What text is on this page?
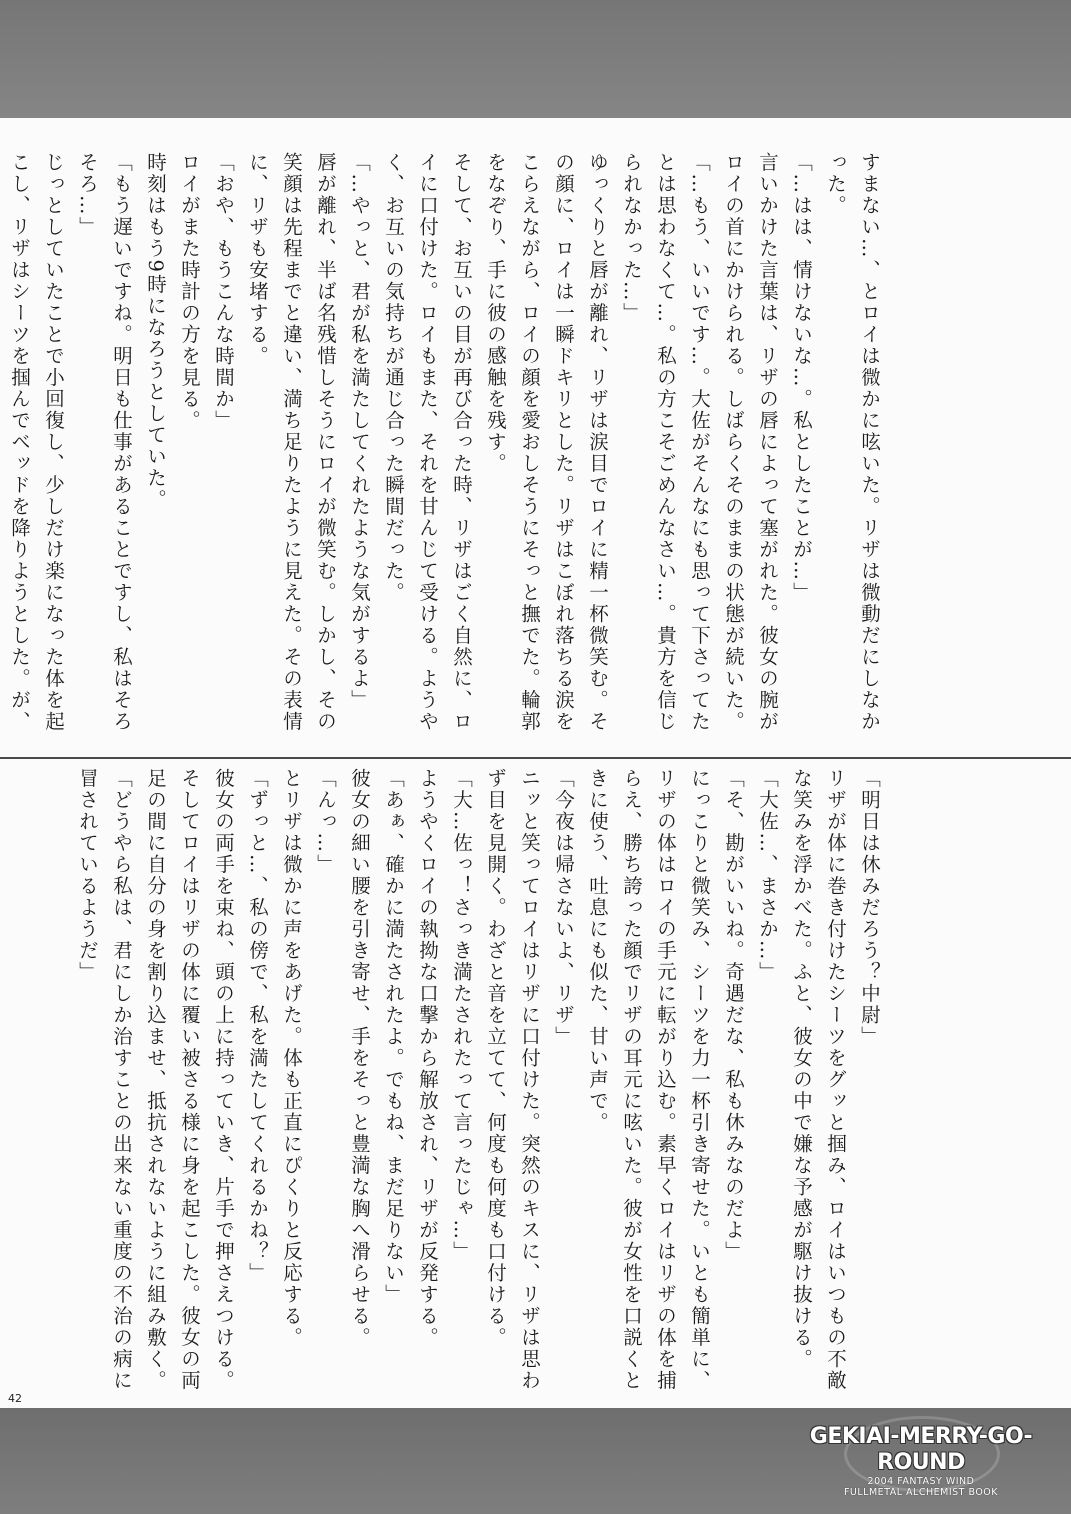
すまない…、とロイは微かに呟いた。リザは微動だにしなかった。

「…はは、情けないな…。私としたことが…」

言いかけた言葉は、リザの唇によって塞がれた。彼女の腕がロイの首にかけられる。しばらくそのままの状態が続いた。

「…もう、いいです…。大佐がそんなにも思って下さってたとは思わなくて…。私の方こそごめんなさい…。貴方を信じられなかった…」

ゆっくりと唇が離れ、リザは涙目でロイに精一杯微笑む。その顔に、ロイは一瞬ドキリとした。リザはこぼれ落ちる涙をこらえながら、ロイの顔を愛おしそうにそっと撫でた。輪郭をなぞり、手に彼の感触を残す。

そして、お互いの目が再び合った時、リザはごく自然に、ロイに口付けた。ロイもまた、それを甘んじて受ける。ようやく、お互いの気持ちが通じ合った瞬間だった。

「…やっと、君が私を満たしてくれたような気がするよ」

唇が離れ、半ば名残惜しそうにロイが微笑む。しかし、その笑顔は先程までと違い、満ち足りたように見えた。その表情に、リザも安堵する。

「おや、もうこんな時間か」

ロイがまた時計の方を見る。

時刻はもう9時になろうとしていた。

「もう遅いですね。明日も仕事があることですし、私はそろそろ…」

じっとしていたことで小回復し、少しだけ楽になった体を起こし、リザはシーツを掴んでベッドを降りようとした。が、

「明日は休みだろう？中尉」

リザが体に巻き付けたシーツをグッと掴み、ロイはいつもの不敵な笑みを浮かべた。ふと、彼女の中で嫌な予感が駆け抜ける。

「大佐…、まさか…」

「そ、勘がいいね。奇遇だな、私も休みなのだよ」

にっこりと微笑み、シーツを力一杯引き寄せた。いとも簡単に、リザの体はロイの手元に転がり込む。素早くロイはリザの体を捕らえ、勝ち誇った顔でリザの耳元に呟いた。彼が女性を口説くときに使う、吐息にも似た、甘い声で。

「今夜は帰さないよ、リザ」

ニッと笑ってロイはリザに口付けた。突然のキスに、リザは思わず目を見開く。わざと音を立てて、何度も何度も口付ける。

「大…佐っ！さっき満たされたって言ったじゃ…」

ようやくロイの執拗な口撃から解放され、リザが反発する。

「あぁ、確かに満たされたよ。でもね、まだ足りない」

彼女の細い腰を引き寄せ、手をそっと豊満な胸へ滑らせる。

「んっ…」

とリザは微かに声をあげた。体も正直にぴくりと反応する。

「ずっと…、私の傍で、私を満たしてくれるかね？」

彼女の両手を束ね、頭の上に持っていき、片手で押さえつける。そしてロイはリザの体に覆い被さる様に身を起こした。彼女の両足の間に自分の身を割り込ませ、抵抗されないように組み敷く。

「どうやら私は、君にしか治すことの出来ない重度の不治の病に冒されているようだ」

42
GEKIAI-MERRY-GO-ROUND
2004 FANTASY WIND
FULLMETAL ALCHEMIST BOOK
